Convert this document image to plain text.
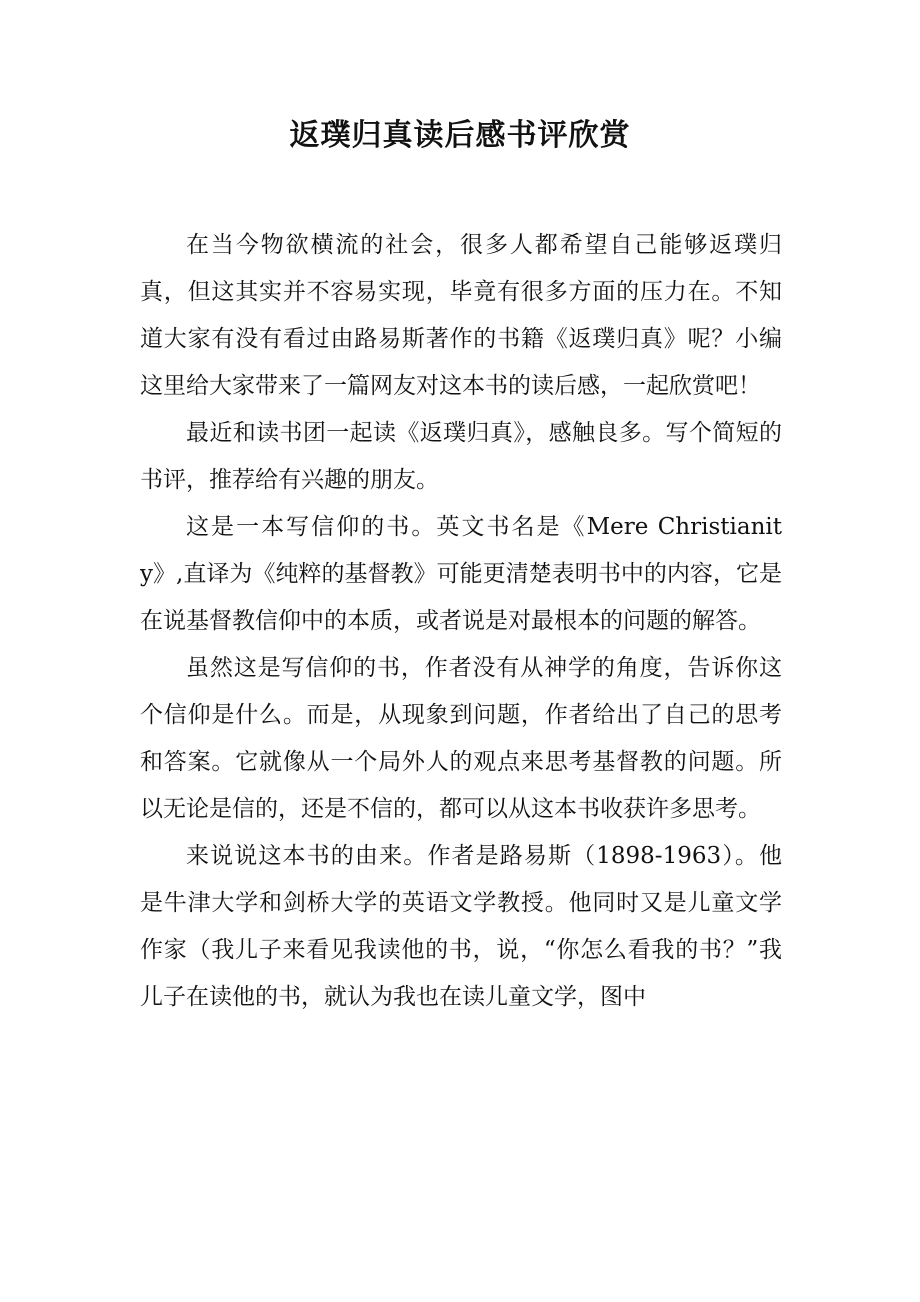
返璞归真读后感书评欣赏

在当今物欲横流的社会，很多人都希望自己能够返璞归真，但这其实并不容易实现，毕竟有很多方面的压力在。不知道大家有没有看过由路易斯著作的书籍《返璞归真》呢？小编这里给大家带来了一篇网友对这本书的读后感，一起欣赏吧！

最近和读书团一起读《返璞归真》，感触良多。写个简短的书评，推荐给有兴趣的朋友。

这是一本写信仰的书。英文书名是《Mere Christianity》,直译为《纯粹的基督教》可能更清楚表明书中的内容，它是在说基督教信仰中的本质，或者说是对最根本的问题的解答。

虽然这是写信仰的书，作者没有从神学的角度，告诉你这个信仰是什么。而是，从现象到问题，作者给出了自己的思考和答案。它就像从一个局外人的观点来思考基督教的问题。所以无论是信的，还是不信的，都可以从这本书收获许多思考。

来说说这本书的由来。作者是路易斯（1898-1963）。他是牛津大学和剑桥大学的英语文学教授。他同时又是儿童文学作家（我儿子来看见我读他的书，说，“你怎么看我的书？”我儿子在读他的书，就认为我也在读儿童文学，图中
